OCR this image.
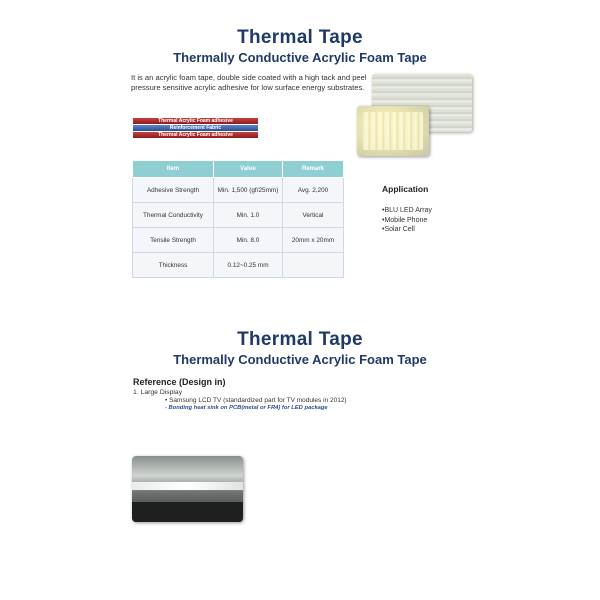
Thermal Tape
Thermally Conductive Acrylic Foam Tape
It is an acrylic foam tape, double side coated with a high tack and peel pressure sensitive acrylic adhesive for low surface energy substrates.
Thermal Acrylic Foam adhesive
Reinforcement Fabric
Thermal Acrylic Foam adhesive
Item	Value	Remark
Adhesive Strength	Min. 1,500 (gf/25mm)	Avg. 2,200
Thermal Conductivity	Min. 1.0	Vertical
Tensile Strength	Min. 8.0	20mm x 20mm
Thickness	0.12~0.25 mm	
Application
•BLU LED Array
•Mobile Phone
•Solar Cell
Thermal Tape
Thermally Conductive Acrylic Foam Tape
Reference (Design in)
1. Large Display
• Samsung LCD TV (standardized part for TV modules in 2012)
- Bonding heat sink on PCB(metal or FR4) for LED package
